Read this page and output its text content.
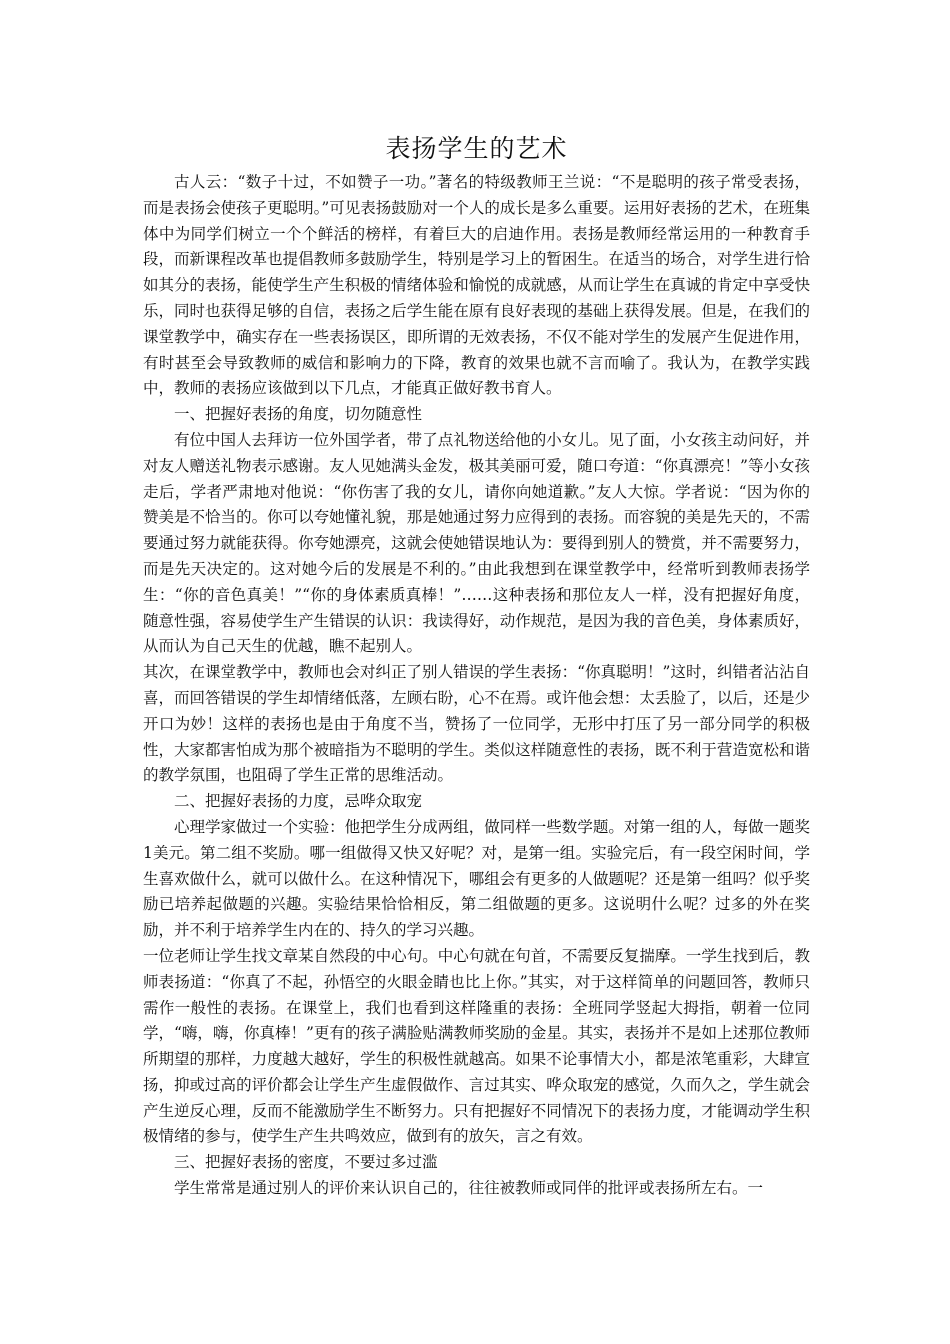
表扬学生的艺术

古人云：“数子十过，不如赞子一功。”著名的特级教师王兰说：“不是聪明的孩子常受表扬，而是表扬会使孩子更聪明。”可见表扬鼓励对一个人的成长是多么重要。运用好表扬的艺术，在班集体中为同学们树立一个个鲜活的榜样，有着巨大的启迪作用。表扬是教师经常运用的一种教育手段，而新课程改革也提倡教师多鼓励学生，特别是学习上的暂困生。在适当的场合，对学生进行恰如其分的表扬，能使学生产生积极的情绪体验和愉悦的成就感，从而让学生在真诚的肯定中享受快乐，同时也获得足够的自信，表扬之后学生能在原有良好表现的基础上获得发展。但是，在我们的课堂教学中，确实存在一些表扬误区，即所谓的无效表扬，不仅不能对学生的发展产生促进作用，有时甚至会导致教师的威信和影响力的下降，教育的效果也就不言而喻了。我认为，在教学实践中，教师的表扬应该做到以下几点，才能真正做好教书育人。

一、把握好表扬的角度，切勿随意性

有位中国人去拜访一位外国学者，带了点礼物送给他的小女儿。见了面，小女孩主动问好，并对友人赠送礼物表示感谢。友人见她满头金发，极其美丽可爱，随口夸道：“你真漂亮！”等小女孩走后，学者严肃地对他说：“你伤害了我的女儿，请你向她道歉。”友人大惊。学者说：“因为你的赞美是不恰当的。你可以夸她懂礼貌，那是她通过努力应得到的表扬。而容貌的美是先天的，不需要通过努力就能获得。你夸她漂亮，这就会使她错误地认为：要得到别人的赞赏，并不需要努力，而是先天决定的。这对她今后的发展是不利的。”由此我想到在课堂教学中，经常听到教师表扬学生：“你的音色真美！”“你的身体素质真棒！”……这种表扬和那位友人一样，没有把握好角度，随意性强，容易使学生产生错误的认识：我读得好，动作规范，是因为我的音色美，身体素质好，从而认为自己天生的优越，瞧不起别人。

其次，在课堂教学中，教师也会对纠正了别人错误的学生表扬：“你真聪明！”这时，纠错者沾沾自喜，而回答错误的学生却情绪低落，左顾右盼，心不在焉。或许他会想：太丢脸了，以后，还是少开口为妙！这样的表扬也是由于角度不当，赞扬了一位同学，无形中打压了另一部分同学的积极性，大家都害怕成为那个被暗指为不聪明的学生。类似这样随意性的表扬，既不利于营造宽松和谐的教学氛围，也阻碍了学生正常的思维活动。

二、把握好表扬的力度，忌哗众取宠

心理学家做过一个实验：他把学生分成两组，做同样一些数学题。对第一组的人，每做一题奖1美元。第二组不奖励。哪一组做得又快又好呢？对，是第一组。实验完后，有一段空闲时间，学生喜欢做什么，就可以做什么。在这种情况下，哪组会有更多的人做题呢？还是第一组吗？似乎奖励已培养起做题的兴趣。实验结果恰恰相反，第二组做题的更多。这说明什么呢？过多的外在奖励，并不利于培养学生内在的、持久的学习兴趣。

一位老师让学生找文章某自然段的中心句。中心句就在句首，不需要反复揣摩。一学生找到后，教师表扬道：“你真了不起，孙悟空的火眼金睛也比上你。”其实，对于这样简单的问题回答，教师只需作一般性的表扬。在课堂上，我们也看到这样隆重的表扬：全班同学竖起大拇指，朝着一位同学，“嗨，嗨，你真棒！”更有的孩子满脸贴满教师奖励的金星。其实，表扬并不是如上述那位教师所期望的那样，力度越大越好，学生的积极性就越高。如果不论事情大小，都是浓笔重彩，大肆宣扬，抑或过高的评价都会让学生产生虚假做作、言过其实、哗众取宠的感觉，久而久之，学生就会产生逆反心理，反而不能激励学生不断努力。只有把握好不同情况下的表扬力度，才能调动学生积极情绪的参与，使学生产生共鸣效应，做到有的放矢，言之有效。

三、把握好表扬的密度，不要过多过滥

学生常常是通过别人的评价来认识自己的，往往被教师或同伴的批评或表扬所左右。一
